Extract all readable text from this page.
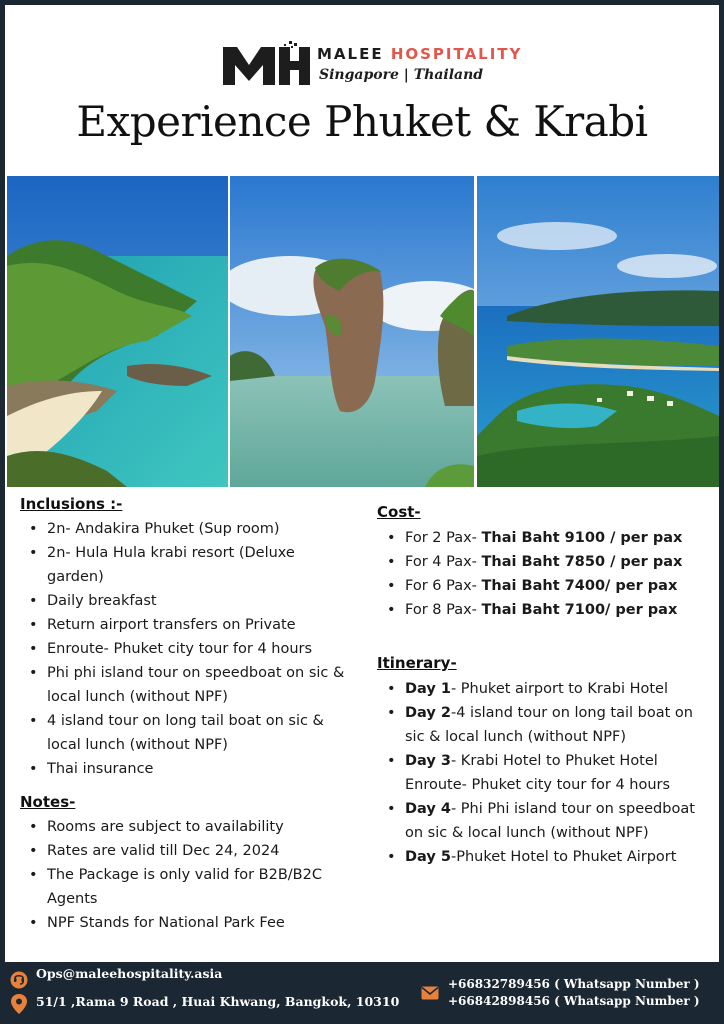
MALEE HOSPITALITY
Singapore | Thailand
Experience Phuket & Krabi
Inclusions :-
• 2n- Andakira Phuket (Sup room)
• 2n- Hula Hula krabi resort (Deluxe garden)
• Daily breakfast
• Return airport transfers on Private
• Enroute- Phuket city tour for 4 hours
• Phi phi island tour on speedboat on sic & local lunch (without NPF)
• 4 island tour on long tail boat on sic & local lunch (without NPF)
• Thai insurance
Notes-
• Rooms are subject to availability
• Rates are valid till Dec 24, 2024
• The Package is only valid for B2B/B2C Agents
• NPF Stands for National Park Fee
Cost-
• For 2 Pax- Thai Baht 9100 / per pax
• For 4 Pax- Thai Baht 7850 / per pax
• For 6 Pax- Thai Baht 7400/ per pax
• For 8 Pax- Thai Baht 7100/ per pax
Itinerary-
• Day 1- Phuket airport to Krabi Hotel
• Day 2-4 island tour on long tail boat on sic & local lunch (without NPF)
• Day 3- Krabi Hotel to Phuket Hotel Enroute- Phuket city tour for 4 hours
• Day 4- Phi Phi island tour on speedboat on sic & local lunch (without NPF)
• Day 5-Phuket Hotel to Phuket Airport
Ops@maleehospitality.asia
51/1 ,Rama 9 Road , Huai Khwang, Bangkok, 10310
+66832789456 ( Whatsapp Number )
+66842898456 ( Whatsapp Number )
